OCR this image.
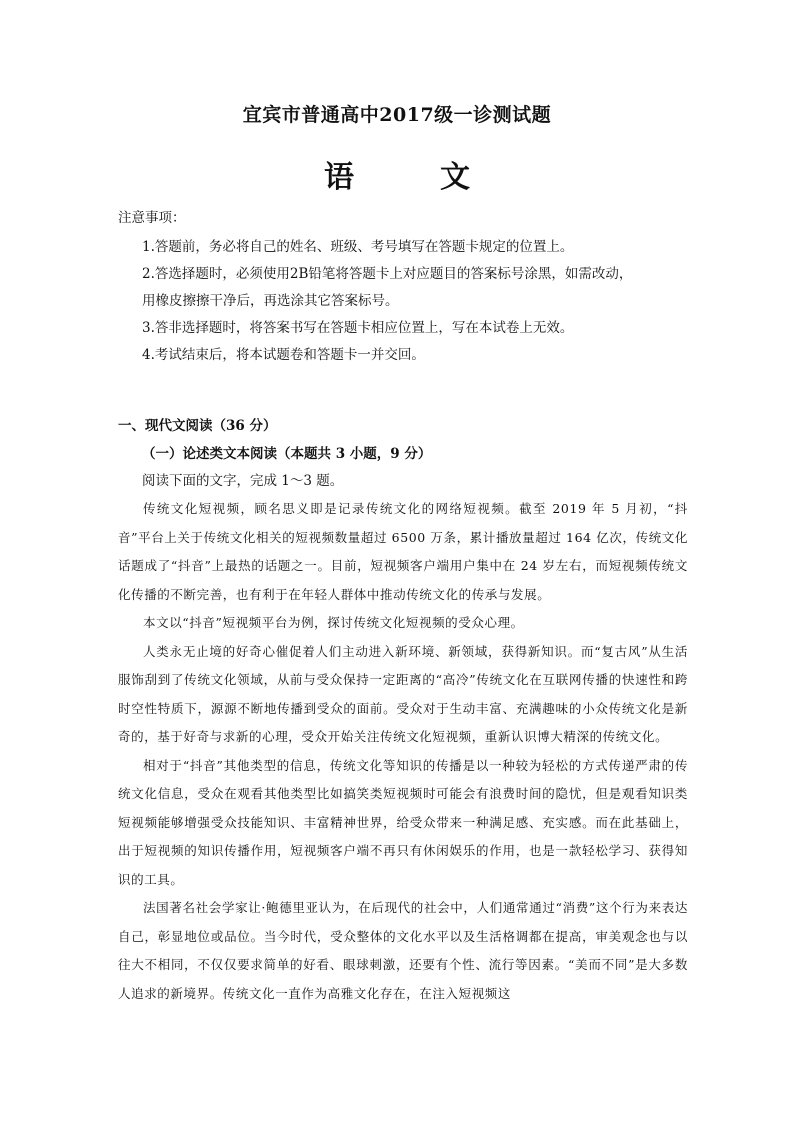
宜宾市普通高中2017级一诊测试题
语　文
注意事项：
1.答题前，务必将自己的姓名、班级、考号填写在答题卡规定的位置上。
2.答选择题时，必须使用2B铅笔将答题卡上对应题目的答案标号涂黑，如需改动，
用橡皮擦擦干净后，再选涂其它答案标号。
3.答非选择题时，将答案书写在答题卡相应位置上，写在本试卷上无效。
4.考试结束后，将本试题卷和答题卡一并交回。
一、现代文阅读（36 分）
（一）论述类文本阅读（本题共 3 小题，9 分）
阅读下面的文字，完成 1～3 题。

传统文化短视频，顾名思义即是记录传统文化的网络短视频。截至 2019 年 5 月初，“抖音”平台上关于传统文化相关的短视频数量超过 6500 万条，累计播放量超过 164 亿次，传统文化话题成了“抖音”上最热的话题之一。目前，短视频客户端用户集中在 24 岁左右，而短视频传统文化传播的不断完善，也有利于在年轻人群体中推动传统文化的传承与发展。

本文以“抖音”短视频平台为例，探讨传统文化短视频的受众心理。

人类永无止境的好奇心催促着人们主动进入新环境、新领域，获得新知识。而“复古风”从生活服饰刮到了传统文化领域，从前与受众保持一定距离的“高冷”传统文化在互联网传播的快速性和跨时空性特质下，源源不断地传播到受众的面前。受众对于生动丰富、充满趣味的小众传统文化是新奇的，基于好奇与求新的心理，受众开始关注传统文化短视频，重新认识博大精深的传统文化。

相对于“抖音”其他类型的信息，传统文化等知识的传播是以一种较为轻松的方式传递严肃的传统文化信息，受众在观看其他类型比如搞笑类短视频时可能会有浪费时间的隐忧，但是观看知识类短视频能够增强受众技能知识、丰富精神世界，给受众带来一种满足感、充实感。而在此基础上，出于短视频的知识传播作用，短视频客户端不再只有休闲娱乐的作用，也是一款轻松学习、获得知识的工具。

法国著名社会学家让·鲍德里亚认为，在后现代的社会中，人们通常通过“消费”这个行为来表达自己，彰显地位或品位。当今时代，受众整体的文化水平以及生活格调都在提高，审美观念也与以往大不相同，不仅仅要求简单的好看、眼球刺激，还要有个性、流行等因素。“美而不同”是大多数人追求的新境界。传统文化一直作为高雅文化存在，在注入短视频这
